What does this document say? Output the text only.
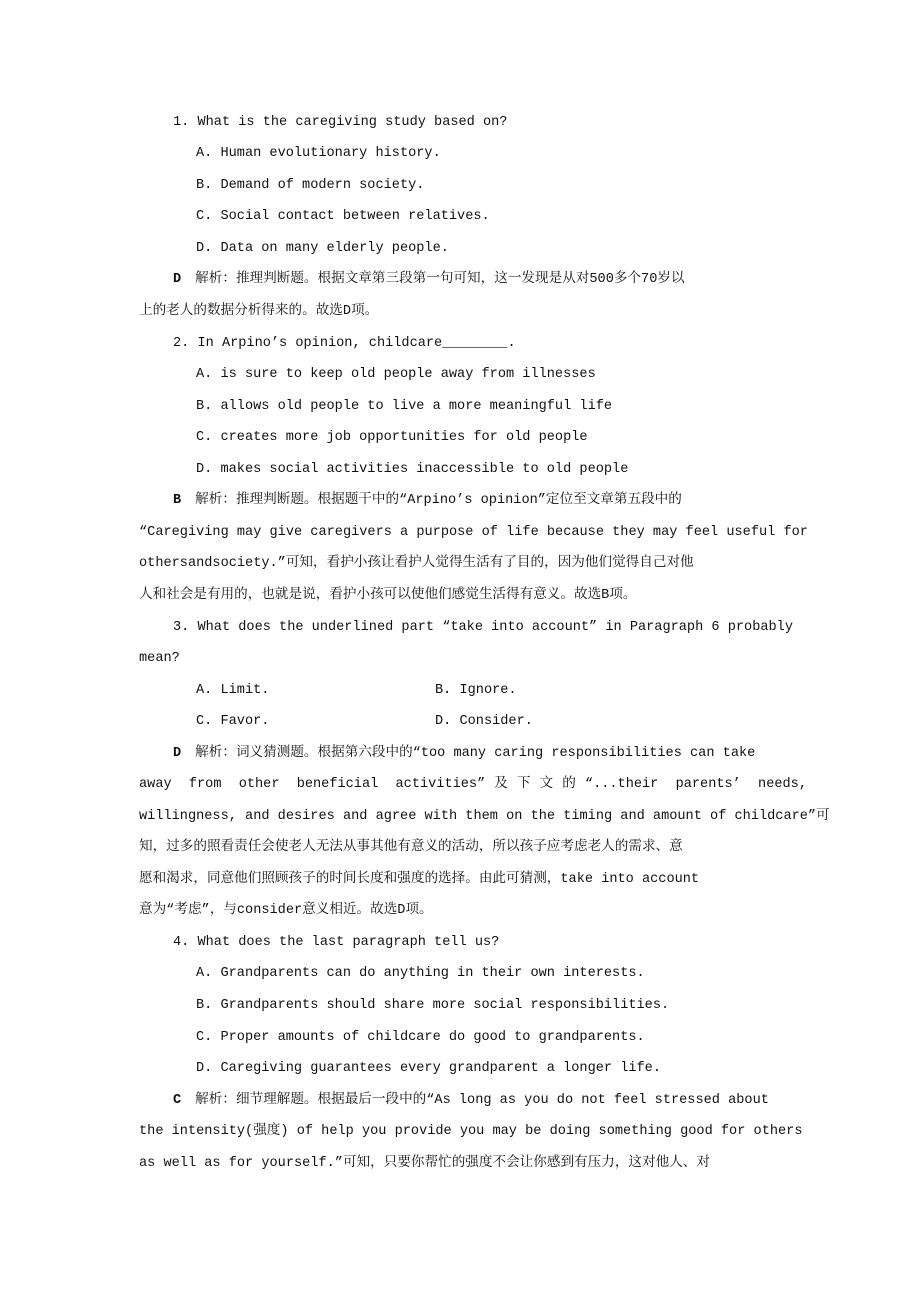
1. What is the caregiving study based on?
A. Human evolutionary history.
B. Demand of modern society.
C. Social contact between relatives.
D. Data on many elderly people.
D 解析：推理判断题。根据文章第三段第一句可知，这一发现是从对500多个70岁以
上的老人的数据分析得来的。故选D项。
2. In Arpino’s opinion, childcare________.
A. is sure to keep old people away from illnesses
B. allows old people to live a more meaningful life
C. creates more job opportunities for old people
D. makes social activities inaccessible to old people
B 解析：推理判断题。根据题干中的“Arpino’s opinion”定位至文章第五段中的
“Caregiving may give caregivers a purpose of life because they may feel useful for
othersandsociety.”可知，看护小孩让看护人觉得生活有了目的，因为他们觉得自己对他
人和社会是有用的，也就是说，看护小孩可以使他们感觉生活得有意义。故选B项。
3. What does the underlined part “take into account” in Paragraph 6 probably
mean?
A. Limit.	B. Ignore.
C. Favor.	D. Consider.
D 解析：词义猜测题。根据第六段中的“too many caring responsibilities can take
away from other beneficial activities”及下文的“...their parents’ needs,
willingness, and desires and agree with them on the timing and amount of childcare”可
知，过多的照看责任会使老人无法从事其他有意义的活动，所以孩子应考虑老人的需求、意
愿和渴求，同意他们照顾孩子的时间长度和强度的选择。由此可猜测，take into account
意为“考虑”，与consider意义相近。故选D项。
4. What does the last paragraph tell us?
A. Grandparents can do anything in their own interests.
B. Grandparents should share more social responsibilities.
C. Proper amounts of childcare do good to grandparents.
D. Caregiving guarantees every grandparent a longer life.
C 解析：细节理解题。根据最后一段中的“As long as you do not feel stressed about
the intensity(强度) of help you provide you may be doing something good for others
as well as for yourself.”可知，只要你帮忙的强度不会让你感到有压力，这对他人、对
